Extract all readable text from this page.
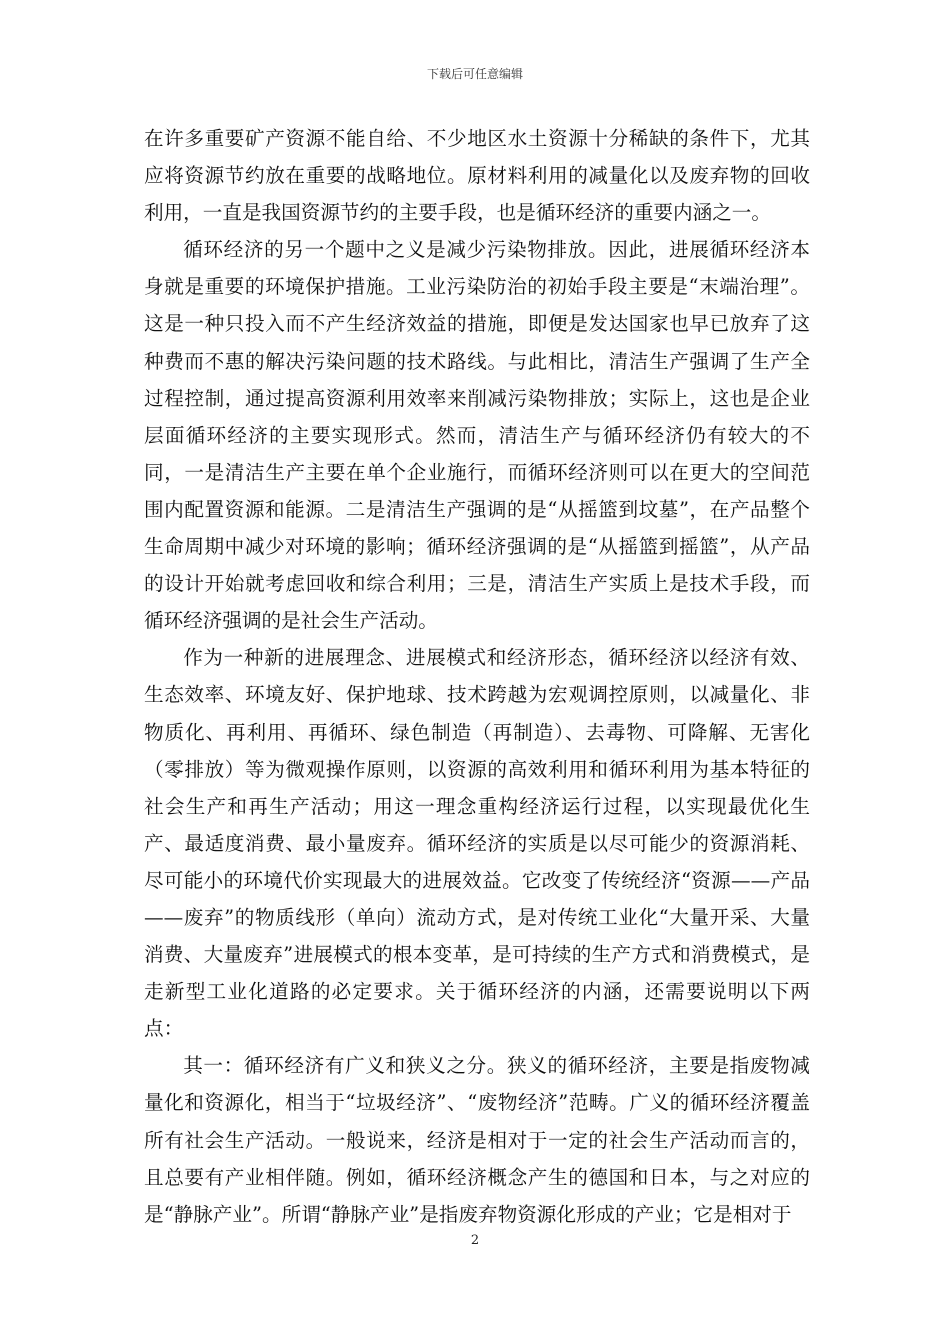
下载后可任意编辑

在许多重要矿产资源不能自给、不少地区水土资源十分稀缺的条件下，尤其应将资源节约放在重要的战略地位。原材料利用的减量化以及废弃物的回收利用，一直是我国资源节约的主要手段，也是循环经济的重要内涵之一。

循环经济的另一个题中之义是减少污染物排放。因此，进展循环经济本身就是重要的环境保护措施。工业污染防治的初始手段主要是“末端治理”。这是一种只投入而不产生经济效益的措施，即便是发达国家也早已放弃了这种费而不惠的解决污染问题的技术路线。与此相比，清洁生产强调了生产全过程控制，通过提高资源利用效率来削减污染物排放；实际上，这也是企业层面循环经济的主要实现形式。然而，清洁生产与循环经济仍有较大的不同，一是清洁生产主要在单个企业施行，而循环经济则可以在更大的空间范围内配置资源和能源。二是清洁生产强调的是“从摇篮到坟墓”，在产品整个生命周期中减少对环境的影响；循环经济强调的是“从摇篮到摇篮”，从产品的设计开始就考虑回收和综合利用；三是，清洁生产实质上是技术手段，而循环经济强调的是社会生产活动。

作为一种新的进展理念、进展模式和经济形态，循环经济以经济有效、生态效率、环境友好、保护地球、技术跨越为宏观调控原则，以减量化、非物质化、再利用、再循环、绿色制造（再制造）、去毒物、可降解、无害化（零排放）等为微观操作原则，以资源的高效利用和循环利用为基本特征的社会生产和再生产活动；用这一理念重构经济运行过程，以实现最优化生产、最适度消费、最小量废弃。循环经济的实质是以尽可能少的资源消耗、尽可能小的环境代价实现最大的进展效益。它改变了传统经济“资源——产品——废弃”的物质线形（单向）流动方式，是对传统工业化“大量开采、大量消费、大量废弃”进展模式的根本变革，是可持续的生产方式和消费模式，是走新型工业化道路的必定要求。关于循环经济的内涵，还需要说明以下两点：

其一：循环经济有广义和狭义之分。狭义的循环经济，主要是指废物减量化和资源化，相当于“垃圾经济”、“废物经济”范畴。广义的循环经济覆盖所有社会生产活动。一般说来，经济是相对于一定的社会生产活动而言的，且总要有产业相伴随。例如，循环经济概念产生的德国和日本，与之对应的是“静脉产业”。所谓“静脉产业”是指废弃物资源化形成的产业；它是相对于

2
